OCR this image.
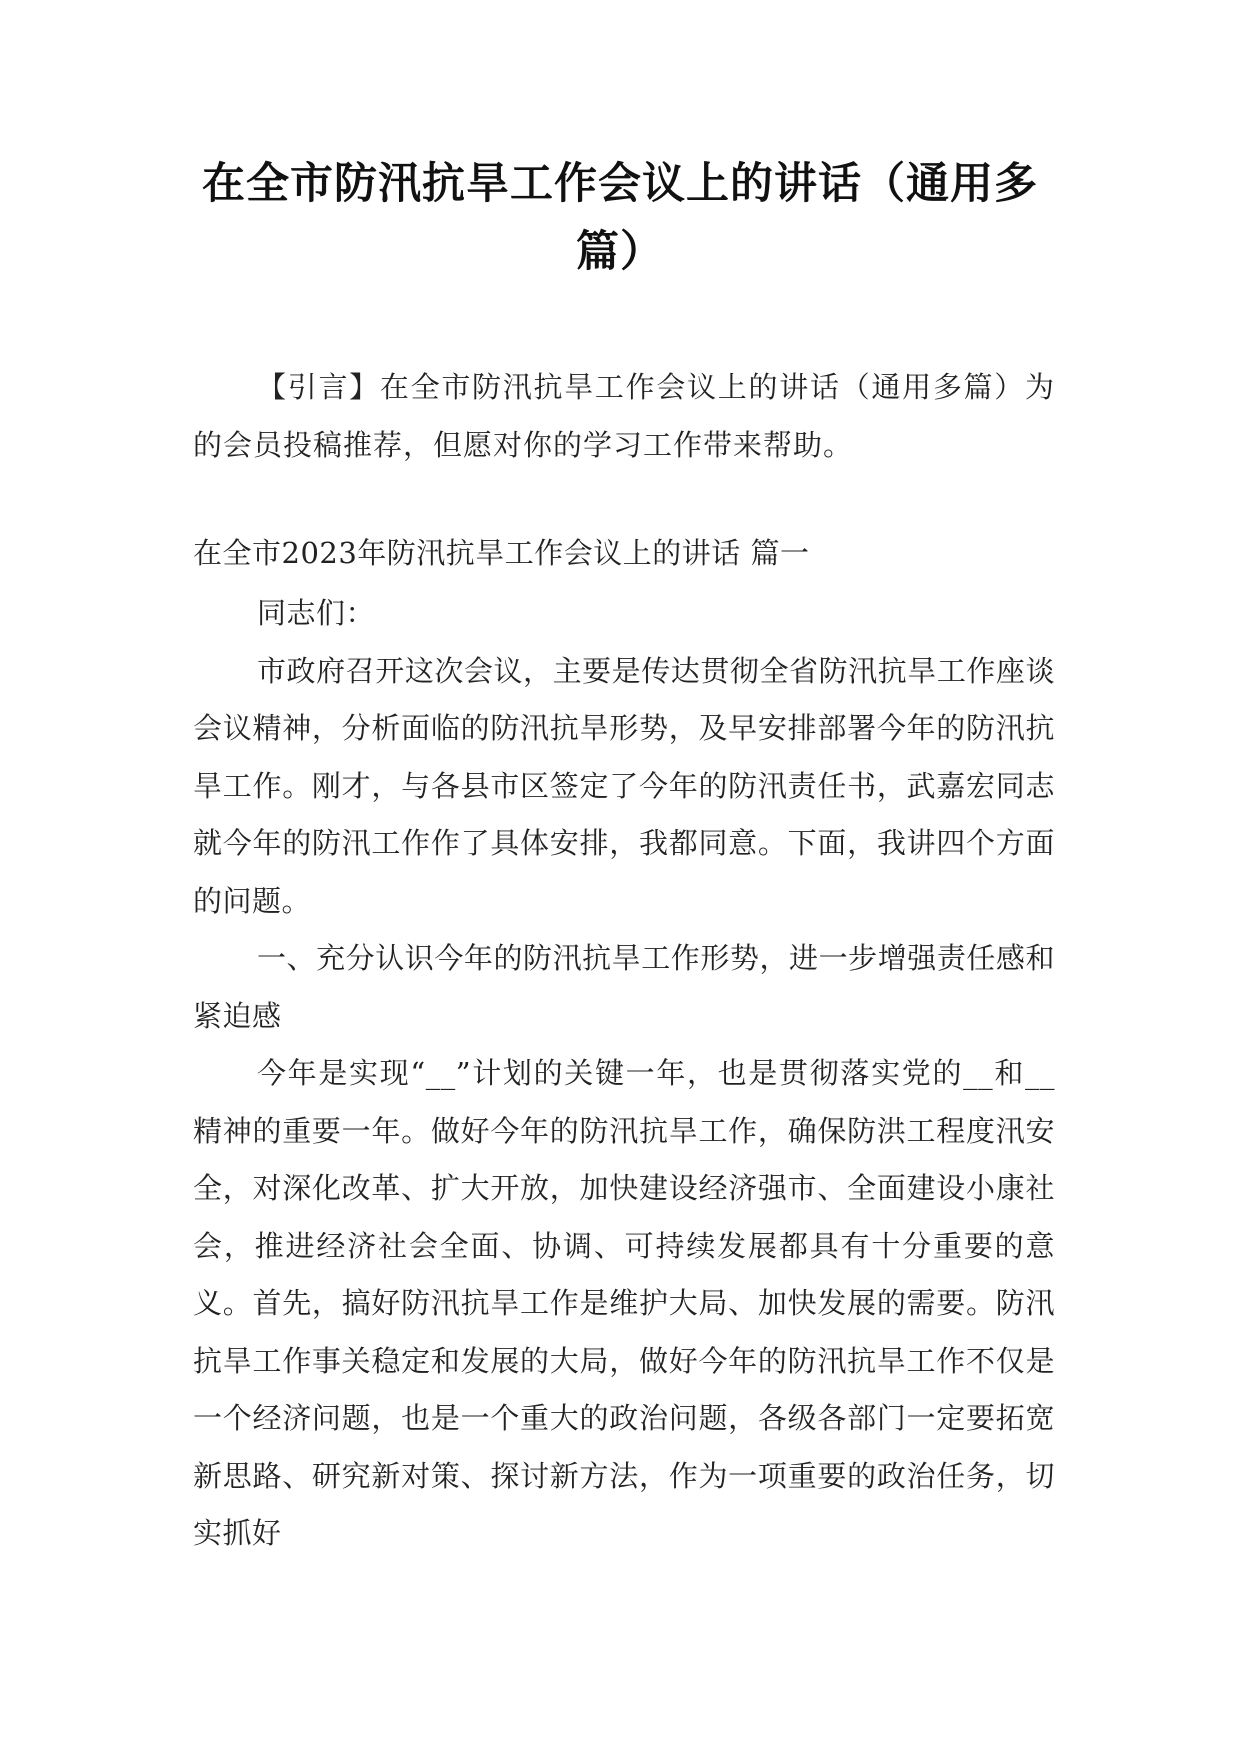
在全市防汛抗旱工作会议上的讲话（通用多篇）
【引言】在全市防汛抗旱工作会议上的讲话（通用多篇）为的会员投稿推荐，但愿对你的学习工作带来帮助。
在全市2023年防汛抗旱工作会议上的讲话 篇一

同志们：

市政府召开这次会议，主要是传达贯彻全省防汛抗旱工作座谈会议精神，分析面临的防汛抗旱形势，及早安排部署今年的防汛抗旱工作。刚才，与各县市区签定了今年的防汛责任书，武嘉宏同志就今年的防汛工作作了具体安排，我都同意。下面，我讲四个方面的问题。

一、充分认识今年的防汛抗旱工作形势，进一步增强责任感和紧迫感

今年是实现“__”计划的关键一年，也是贯彻落实党的__和__精神的重要一年。做好今年的防汛抗旱工作，确保防洪工程度汛安全，对深化改革、扩大开放，加快建设经济强市、全面建设小康社会，推进经济社会全面、协调、可持续发展都具有十分重要的意义。首先，搞好防汛抗旱工作是维护大局、加快发展的需要。防汛抗旱工作事关稳定和发展的大局，做好今年的防汛抗旱工作不仅是一个经济问题，也是一个重大的政治问题，各级各部门一定要拓宽新思路、研究新对策、探讨新方法，作为一项重要的政治任务，切实抓好
